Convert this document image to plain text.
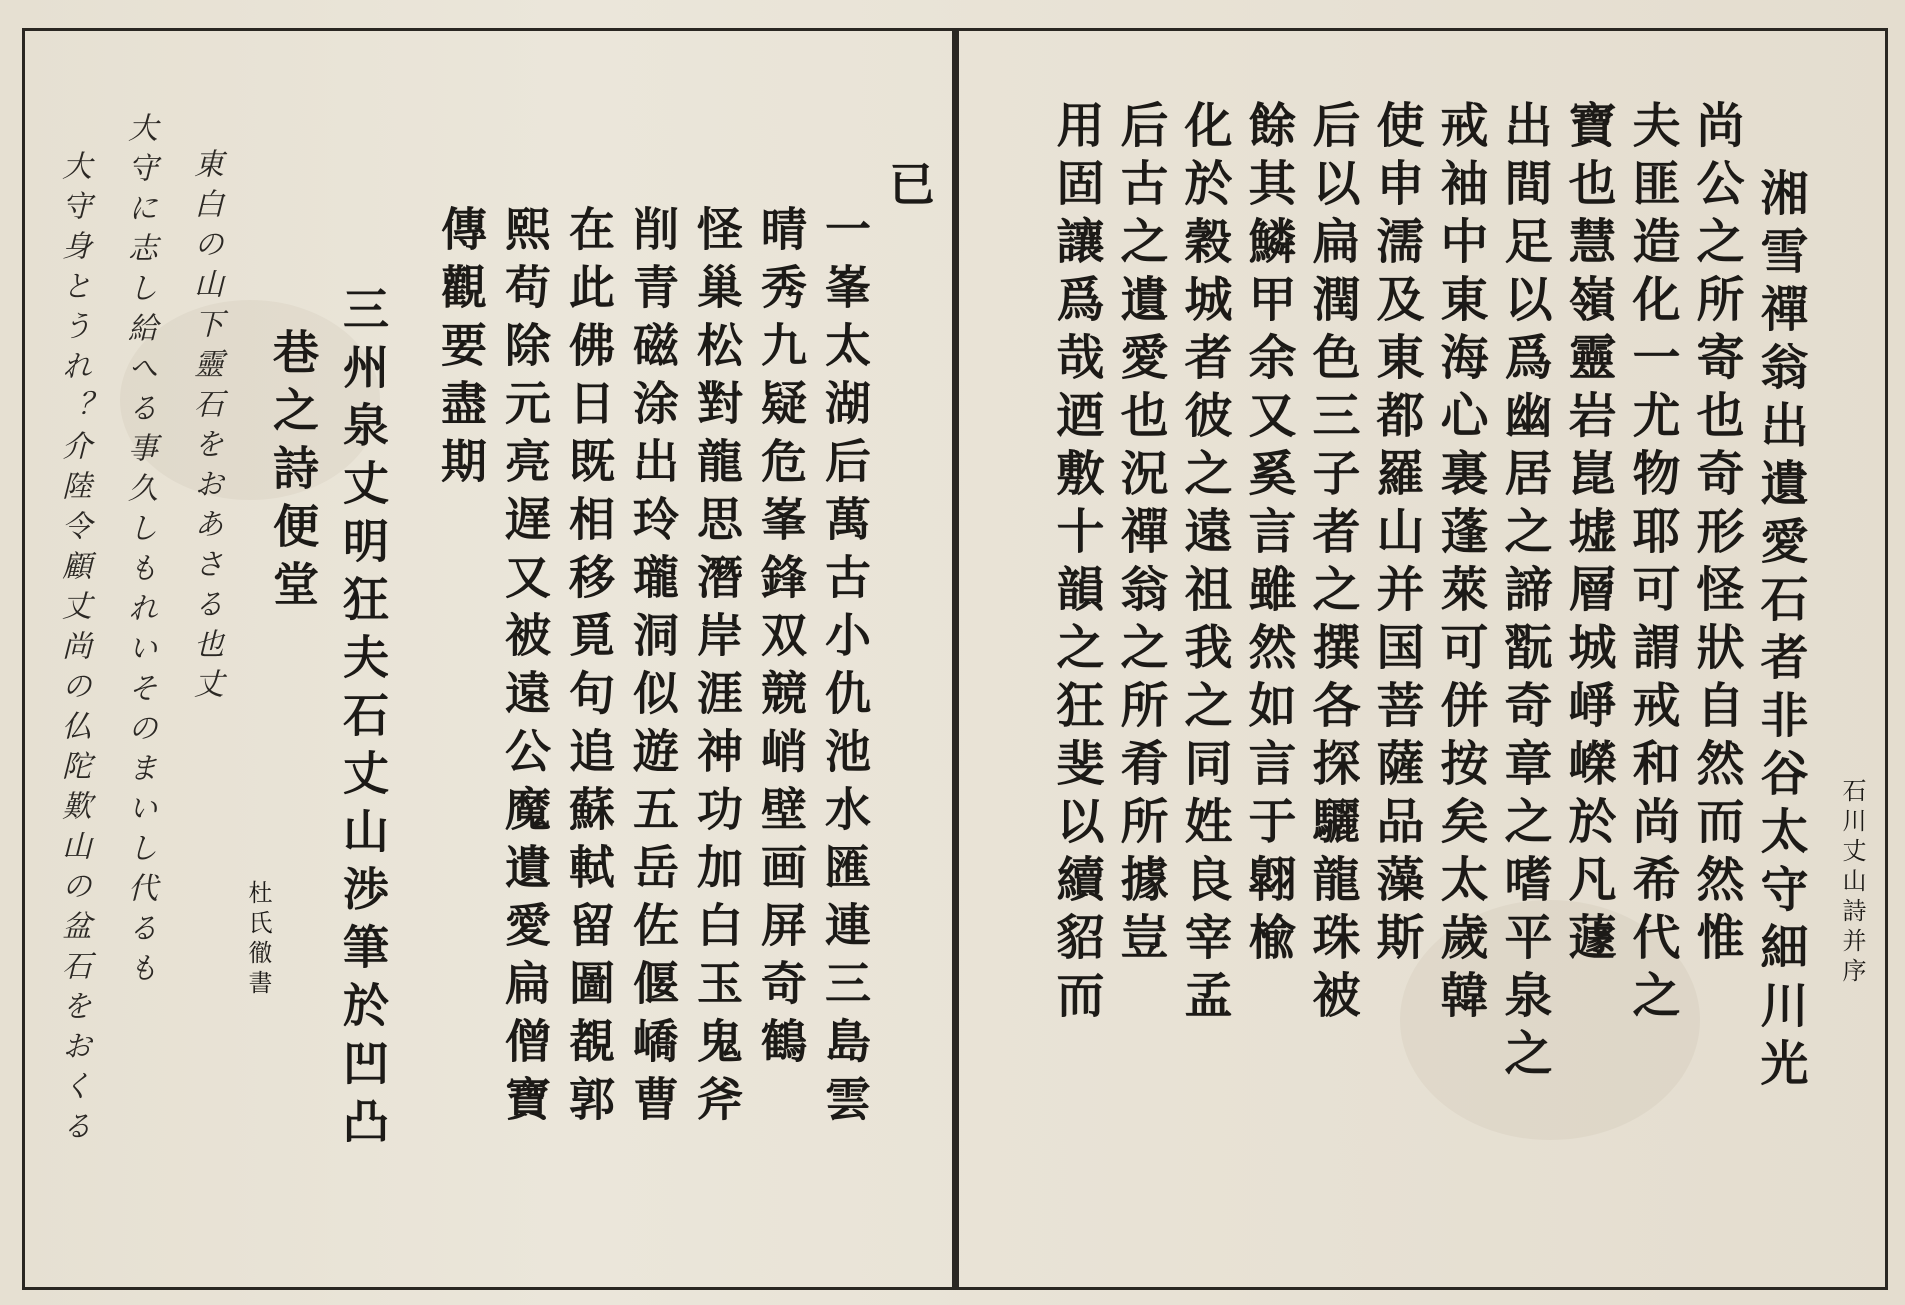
石川丈山詩并序
湘雪禪翁出遺愛石者非谷太守細川光
尚公之所寄也奇形怪狀自然而然惟
夫匪造化一尤物耶可謂戒和尚希代之
寶也慧嶺靈岩崑墟層城崢嶸於凡蘧
出間足以爲幽居之諦翫奇章之嗜平泉之
戒袖中東海心裏蓬萊可併按矣太歲韓
使申濡及東都羅山并国菩薩品藻斯
后以扁潤色三子者之撰各探驪龍珠被
餘其鱗甲余又奚言雖然如言于翺楡
化於穀城者彼之遠祖我之同姓良宰孟
后古之遺愛也況禪翁之所肴所據豈
用固讓爲哉迺敷十韻之狂斐以續貂而
已
一峯太湖后萬古小仇池水匯連三島雲
晴秀九疑危峯鋒双競峭壁画屏奇鶴
怪巢松對龍思潛岸涯神功加白玉鬼斧
削青磁涂出玲瓏洞似遊五岳佐偃嶠曹
在此佛日既相移覓句追蘇軾留圖覩郭
熙苟除元亮遅又被遠公魔遺愛扁僧寶
傳觀要盡期
三州泉丈明狂夫石丈山渉筆於凹凸
巷之詩便堂
杜氏徹書
東白の山下靈石をおあさる也丈
大守に志し給へる事久しもれいそのまいし代るも
大守身とうれ？介陸令顧丈尚の仏陀歎山の盆石をおくる
